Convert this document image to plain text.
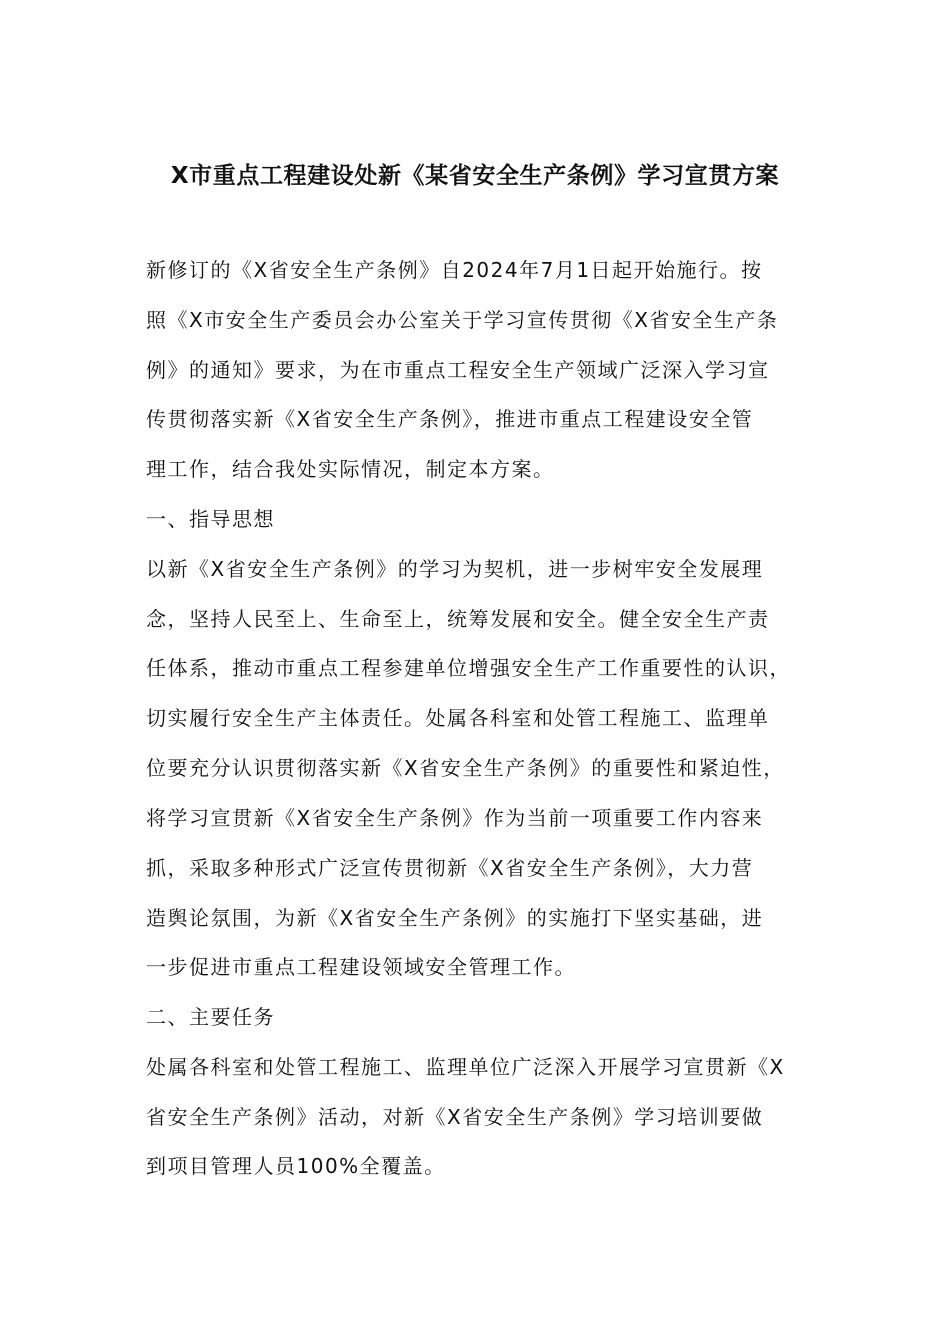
X市重点工程建设处新《某省安全生产条例》学习宣贯方案
新修订的《X省安全生产条例》自2024年7月1日起开始施行。按
照《X市安全生产委员会办公室关于学习宣传贯彻《X省安全生产条
例》的通知》要求，为在市重点工程安全生产领域广泛深入学习宣
传贯彻落实新《X省安全生产条例》，推进市重点工程建设安全管
理工作，结合我处实际情况，制定本方案。
一、指导思想
以新《X省安全生产条例》的学习为契机，进一步树牢安全发展理
念，坚持人民至上、生命至上，统筹发展和安全。健全安全生产责
任体系，推动市重点工程参建单位增强安全生产工作重要性的认识，
切实履行安全生产主体责任。处属各科室和处管工程施工、监理单
位要充分认识贯彻落实新《X省安全生产条例》的重要性和紧迫性，
将学习宣贯新《X省安全生产条例》作为当前一项重要工作内容来
抓，采取多种形式广泛宣传贯彻新《X省安全生产条例》，大力营
造舆论氛围，为新《X省安全生产条例》的实施打下坚实基础，进
一步促进市重点工程建设领域安全管理工作。
二、主要任务
处属各科室和处管工程施工、监理单位广泛深入开展学习宣贯新《X
省安全生产条例》活动，对新《X省安全生产条例》学习培训要做
到项目管理人员100%全覆盖。
